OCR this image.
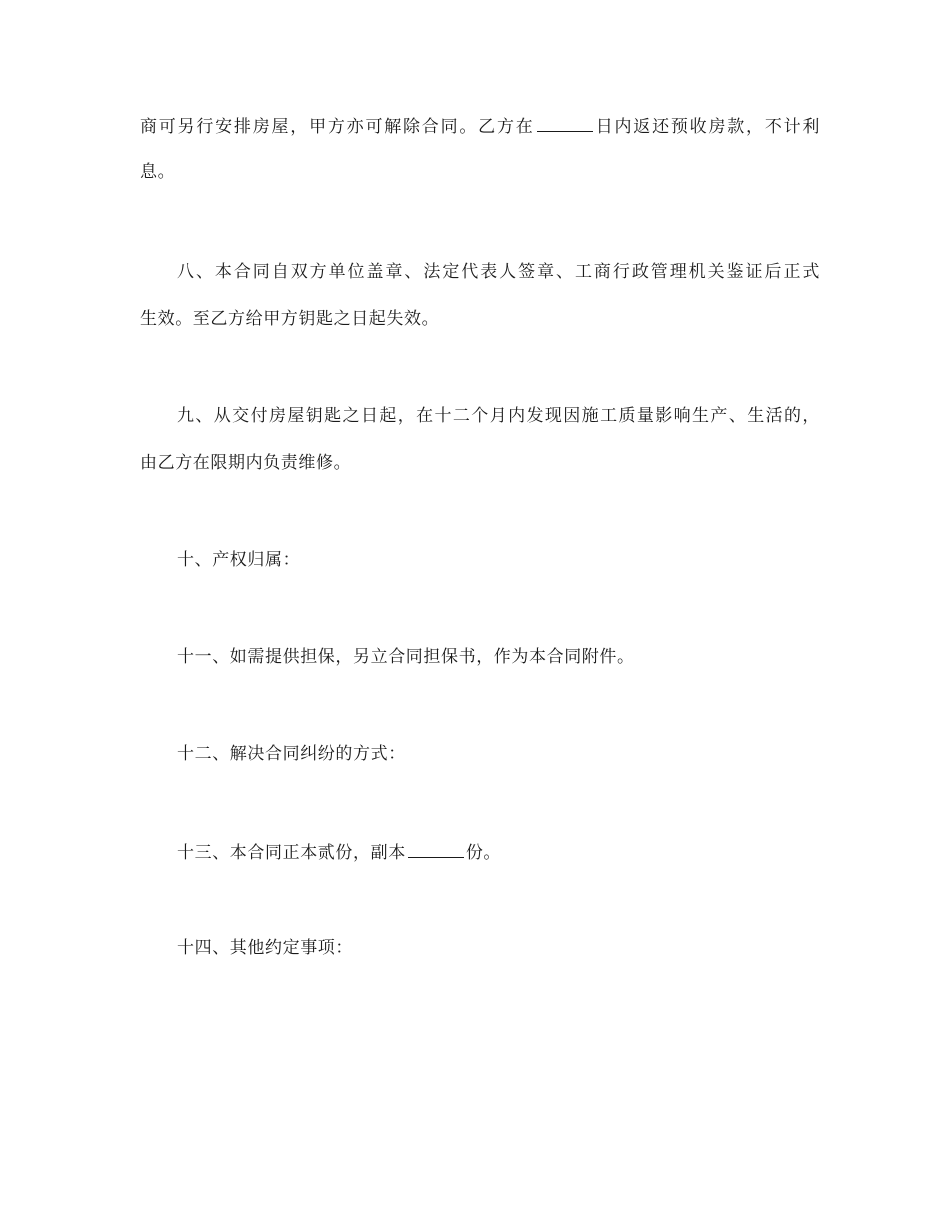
商可另行安排房屋，甲方亦可解除合同。乙方在	日内返还预收房款，不计利
息。
八、本合同自双方单位盖章、法定代表人签章、工商行政管理机关鉴证后正式
生效。至乙方给甲方钥匙之日起失效。
九、从交付房屋钥匙之日起，在十二个月内发现因施工质量影响生产、生活的，
由乙方在限期内负责维修。
十、产权归属：
十一、如需提供担保，另立合同担保书，作为本合同附件。
十二、解决合同纠纷的方式：
十三、本合同正本贰份，副本	份。
十四、其他约定事项：
